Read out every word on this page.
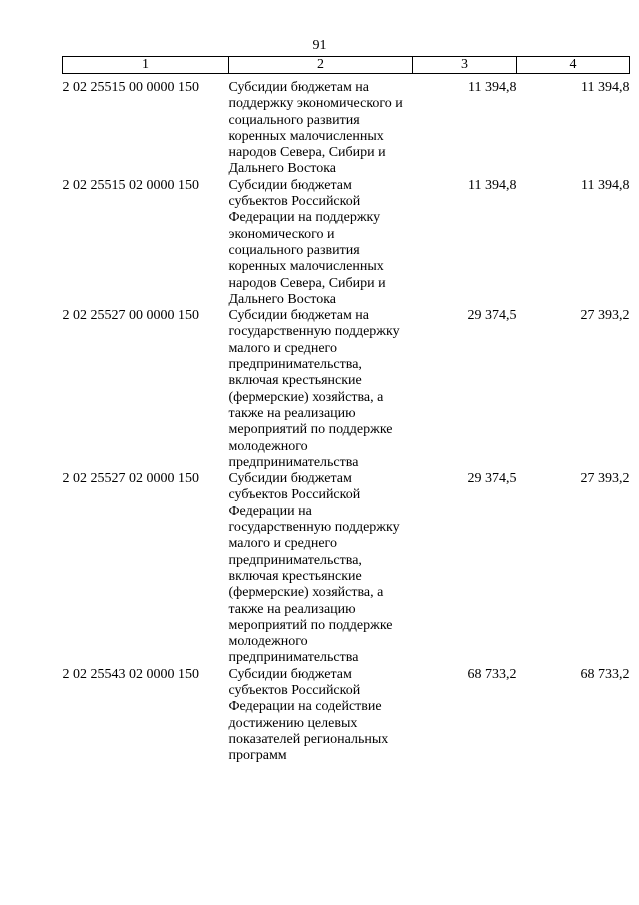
91
1	2	3	4
2 02 25515 00 0000 150	Субсидии бюджетам на поддержку экономического и социального развития коренных малочисленных народов Севера, Сибири и Дальнего Востока	11 394,8	11 394,8
2 02 25515 02 0000 150	Субсидии бюджетам субъектов Российской Федерации на поддержку экономического и социального развития коренных малочисленных народов Севера, Сибири и Дальнего Востока	11 394,8	11 394,8
2 02 25527 00 0000 150	Субсидии бюджетам на государственную поддержку малого и среднего предпринимательства, включая крестьянские (фермерские) хозяйства, а также на реализацию мероприятий по поддержке молодежного предпринимательства	29 374,5	27 393,2
2 02 25527 02 0000 150	Субсидии бюджетам субъектов Российской Федерации на государственную поддержку малого и среднего предпринимательства, включая крестьянские (фермерские) хозяйства, а также на реализацию мероприятий по поддержке молодежного предпринимательства	29 374,5	27 393,2
2 02 25543 02 0000 150	Субсидии бюджетам субъектов Российской Федерации на содействие достижению целевых показателей региональных программ	68 733,2	68 733,2
